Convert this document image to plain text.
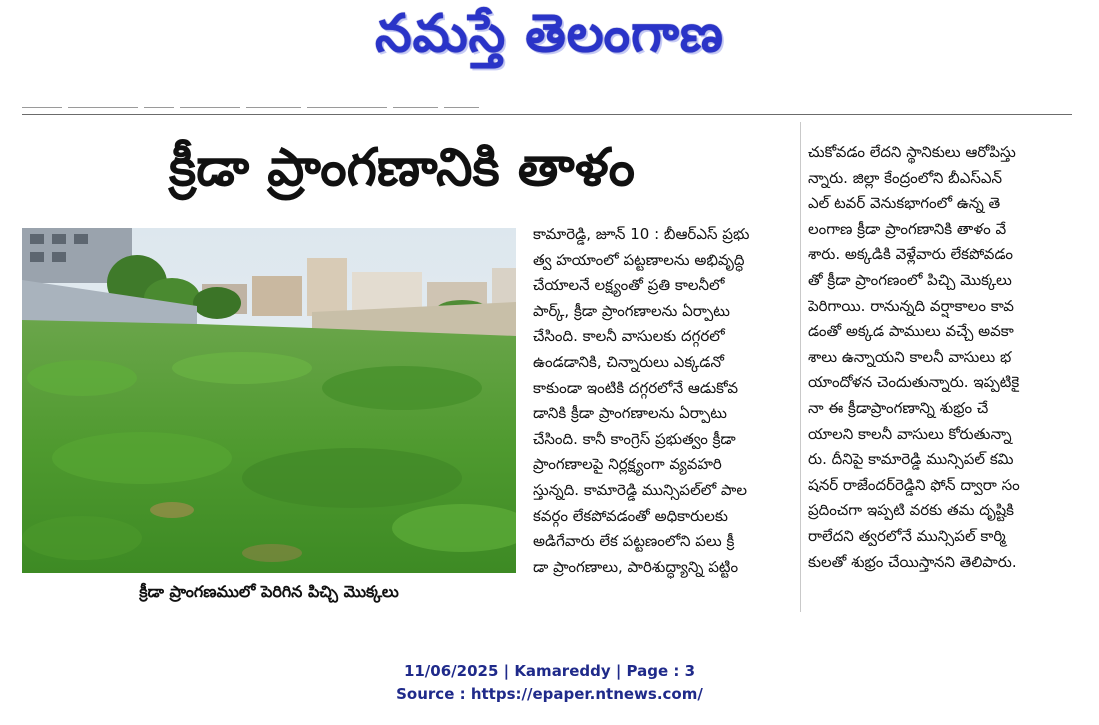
నమస్తే తెలంగాణ
క్రీడా ప్రాంగణానికి తాళం
క్రీడా ప్రాంగణములో పెరిగిన పిచ్చి మొక్కలు
కామారెడ్డి, జూన్ 10 : బీఆర్ఎస్ ప్రభు
త్వ హయాంలో పట్టణాలను అభివృద్ధి
చేయాలనే లక్ష్యంతో ప్రతి కాలనీలో
పార్క్, క్రీడా ప్రాంగణాలను ఏర్పాటు
చేసింది. కాలనీ వాసులకు దగ్గరలో
ఉండడానికి, చిన్నారులు ఎక్కడనో
కాకుండా ఇంటికి దగ్గరలోనే ఆడుకోవ
డానికి క్రీడా ప్రాంగణాలను ఏర్పాటు
చేసింది. కానీ కాంగ్రెస్ ప్రభుత్వం క్రీడా
ప్రాంగణాలపై నిర్లక్ష్యంగా వ్యవహరి
స్తున్నది. కామారెడ్డి మున్సిపల్‌లో పాల
కవర్గం లేకపోవడంతో అధికారులకు
అడిగేవారు లేక పట్టణంలోని పలు క్రీ
డా ప్రాంగణాలు, పారిశుద్ధ్యాన్ని పట్టిం
చుకోవడం లేదని స్థానికులు ఆరోపిస్తు
న్నారు. జిల్లా కేంద్రంలోని బీఎస్ఎన్
ఎల్ టవర్ వెనుకభాగంలో ఉన్న తె
లంగాణ క్రీడా ప్రాంగణానికి తాళం వే
శారు. అక్కడికి వెళ్లేవారు లేకపోవడం
తో క్రీడా ప్రాంగణంలో పిచ్చి మొక్కలు
పెరిగాయి. రానున్నది వర్షాకాలం కావ
డంతో అక్కడ పాములు వచ్చే అవకా
శాలు ఉన్నాయని కాలనీ వాసులు భ
యాందోళన చెందుతున్నారు. ఇప్పటికై
నా ఈ క్రీడాప్రాంగణాన్ని శుభ్రం చే
యాలని కాలనీ వాసులు కోరుతున్నా
రు. దీనిపై కామారెడ్డి మున్సిపల్ కమి
షనర్ రాజేందర్‌రెడ్డిని ఫోన్ ద్వారా సం
ప్రదించగా ఇప్పటి వరకు తమ దృష్టికి
రాలేదని త్వరలోనే మున్సిపల్ కార్మి
కులతో శుభ్రం చేయిస్తానని తెలిపారు.
11/06/2025 | Kamareddy | Page : 3
Source : https://epaper.ntnews.com/
